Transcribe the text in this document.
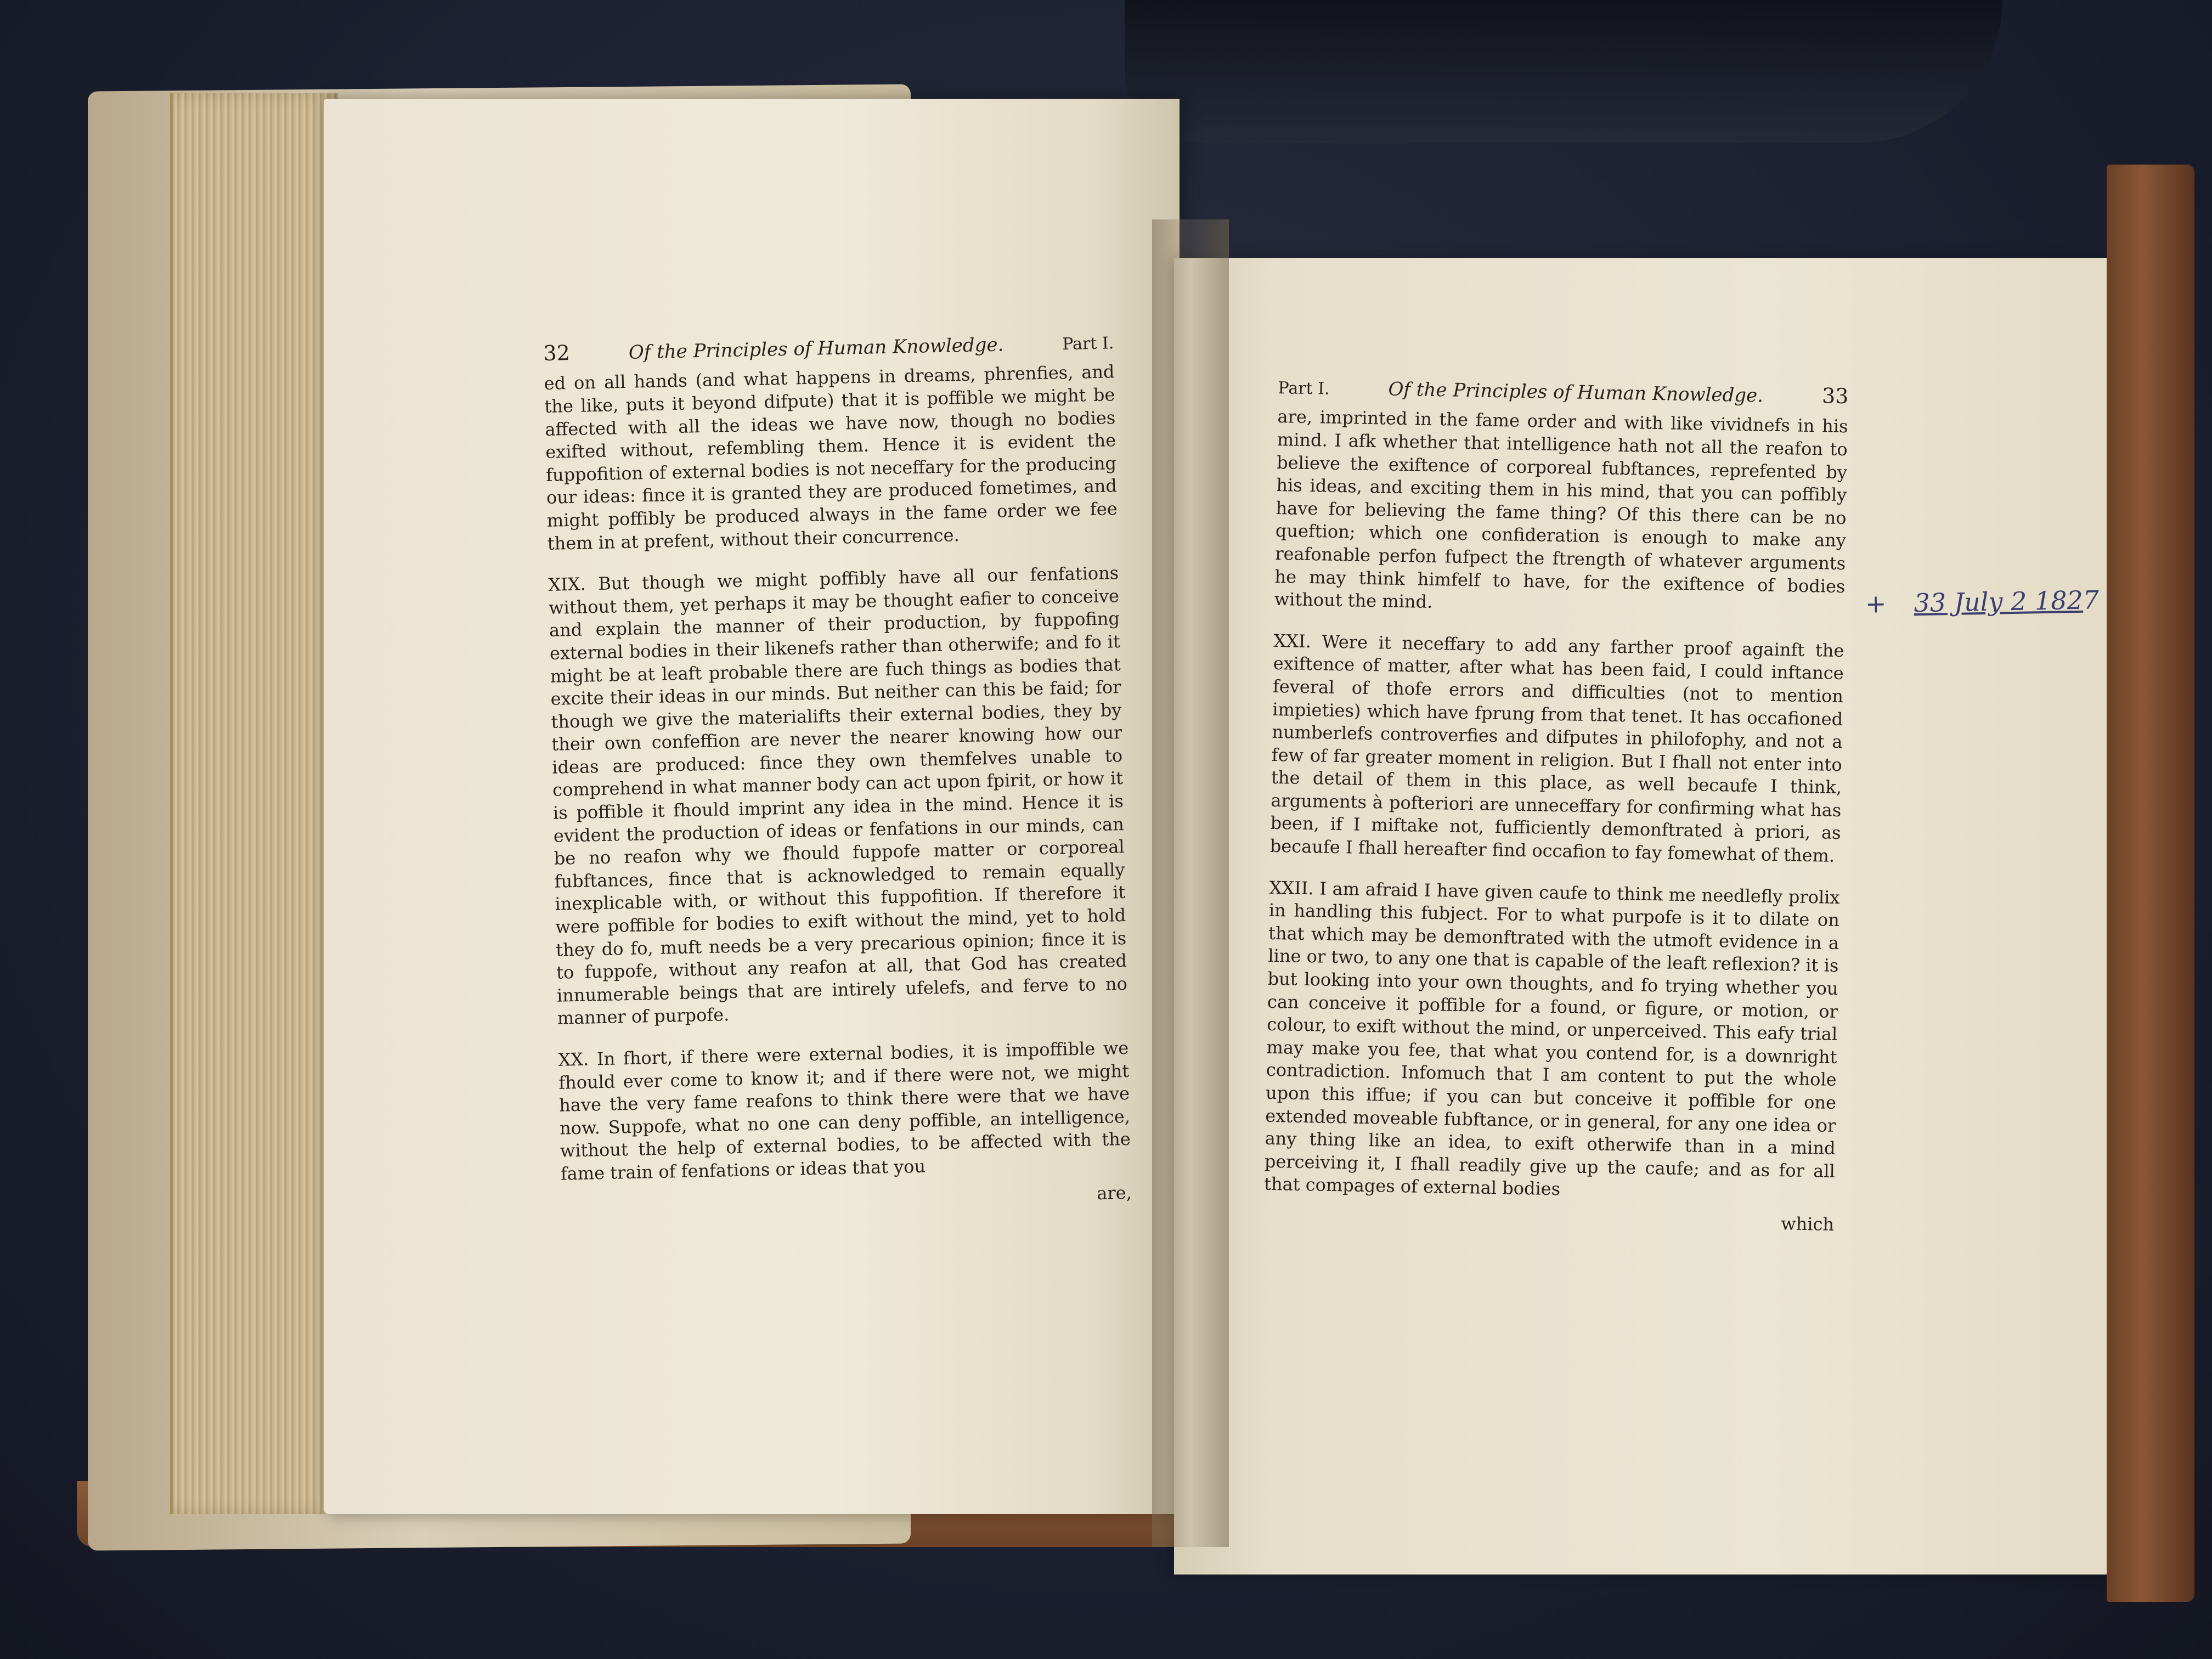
32	Of the Principles of Human Knowledge.	Part I.

ed on all hands (and what happens in dreams, phrenfies, and the like, puts it beyond difpute) that it is poffible we might be affected with all the ideas we have now, though no bodies exifted without, refembling them. Hence it is evident the fuppofition of external bodies is not neceffary for the producing our ideas: fince it is granted they are produced fometimes, and might poffibly be produced always in the fame order we fee them in at prefent, without their concurrence.

XIX. But though we might poffibly have all our fenfations without them, yet perhaps it may be thought eafier to conceive and explain the manner of their production, by fuppofing external bodies in their likenefs rather than otherwife; and fo it might be at leaft probable there are fuch things as bodies that excite their ideas in our minds. But neither can this be faid; for though we give the materialifts their external bodies, they by their own confeffion are never the nearer knowing how our ideas are produced: fince they own themfelves unable to comprehend in what manner body can act upon fpirit, or how it is poffible it fhould imprint any idea in the mind. Hence it is evident the production of ideas or fenfations in our minds, can be no reafon why we fhould fuppofe matter or corporeal fubftances, fince that is acknowledged to remain equally inexplicable with, or without this fuppofition. If therefore it were poffible for bodies to exift without the mind, yet to hold they do fo, muft needs be a very precarious opinion; fince it is to fuppofe, without any reafon at all, that God has created innumerable beings that are intirely ufelefs, and ferve to no manner of purpofe.

XX. In fhort, if there were external bodies, it is impoffible we fhould ever come to know it; and if there were not, we might have the very fame reafons to think there were that we have now. Suppofe, what no one can deny poffible, an intelligence, without the help of external bodies, to be affected with the fame train of fenfations or ideas that you

are,
Part I.	Of the Principles of Human Knowledge.	33

are, imprinted in the fame order and with like vividnefs in his mind. I afk whether that intelligence hath not all the reafon to believe the exiftence of corporeal fubftances, reprefented by his ideas, and exciting them in his mind, that you can poffibly have for believing the fame thing? Of this there can be no queftion; which one confideration is enough to make any reafonable perfon fufpect the ftrength of whatever arguments he may think himfelf to have, for the exiftence of bodies without the mind.

XXI. Were it neceffary to add any farther proof againft the exiftence of matter, after what has been faid, I could inftance feveral of thofe errors and difficulties (not to mention impieties) which have fprung from that tenet. It has occafioned numberlefs controverfies and difputes in philofophy, and not a few of far greater moment in religion. But I fhall not enter into the detail of them in this place, as well becaufe I think, arguments à pofteriori are unneceffary for confirming what has been, if I miftake not, fufficiently demonftrated à priori, as becaufe I fhall hereafter find occafion to fay fomewhat of them.

XXII. I am afraid I have given caufe to think me needlefly prolix in handling this fubject. For to what purpofe is it to dilate on that which may be demonftrated with the utmoft evidence in a line or two, to any one that is capable of the leaft reflexion? it is but looking into your own thoughts, and fo trying whether you can conceive it poffible for a found, or figure, or motion, or colour, to exift without the mind, or unperceived. This eafy trial may make you fee, that what you contend for, is a downright contradiction. Infomuch that I am content to put the whole upon this iffue; if you can but conceive it poffible for one extended moveable fubftance, or in general, for any one idea or any thing like an idea, to exift otherwife than in a mind perceiving it, I fhall readily give up the caufe; and as for all that compages of external bodies

which
+ 33 July 2 1827
